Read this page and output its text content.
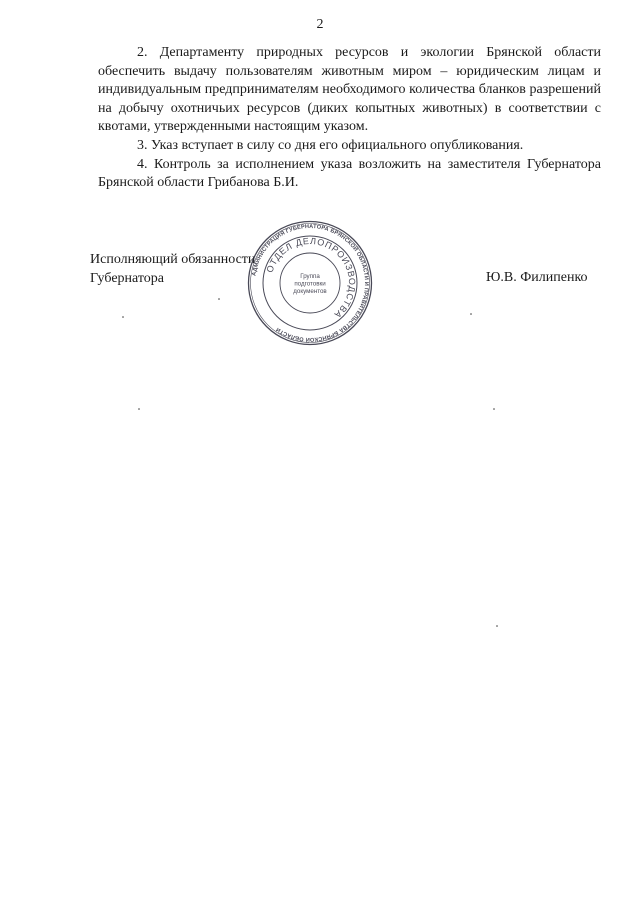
2

2. Департаменту природных ресурсов и экологии Брянской области обеспечить выдачу пользователям животным миром – юридическим лицам и индивидуальным предпринимателям необходимого количества бланков разрешений на добычу охотничьих ресурсов (диких копытных животных) в соответствии с квотами, утвержденными настоящим указом.

3. Указ вступает в силу со дня его официального опубликования.

4. Контроль за исполнением указа возложить на заместителя Губернатора Брянской области Грибанова Б.И.

Исполняющий обязанности
Губернатора	Ю.В. Филипенко
АДМИНИСТРАЦИЯ ГУБЕРНАТОРА БРЯНСКОЙ ОБЛАСТИ И ПРАВИТЕЛЬСТВА БРЯНСКОЙ ОБЛАСТИ
ОТДЕЛ ДЕЛОПРОИЗВОДСТВА
Группа
подготовки
документов
